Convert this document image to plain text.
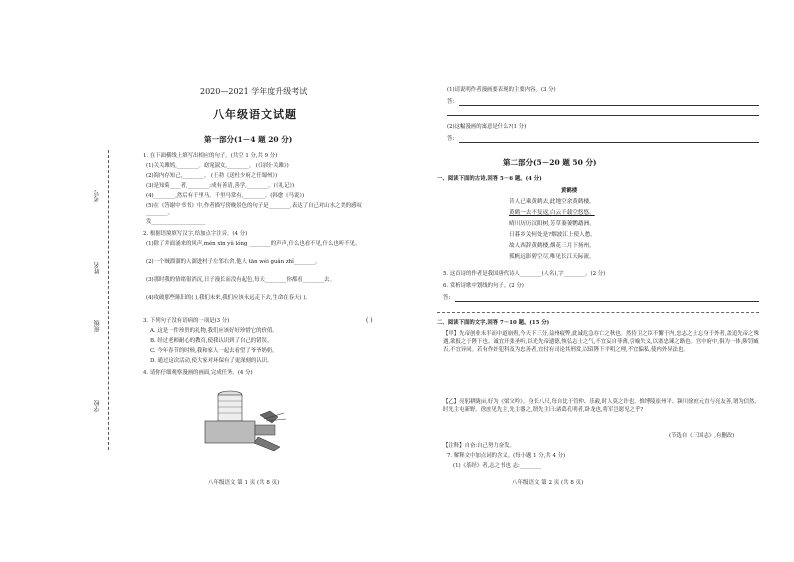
考号
姓名
班级
学校
2020—2021 学年度升级考试
八年级语文试题
第一部分(1－4 题 20 分)
1. 在下面横线上填写出相应的句子。(共空 1 分,共 9 分)
(1)关关雎鸠,________。窈窕淑女,________。 (《诗经·关雎》)
(2)海内存知己,________。 (王勃《送杜少府之任蜀州》)
(3)是知菊____者,________;成有善清,善学,________。(《礼记》)
(4)________,然后有千里马。千里马常有,________。(韩愈《马说》)
(5)在《答谢中书书》中,作者描写傍晚景色的句子是________,表达了自己对山水之美的感叹________。
发____________________
2. 根据语境填写汉字,给加点字注音。(4 分)
(1)除了井面涌来的风声,mén xīn yǔ lóng ________的声声,什么也看不见,什么也听不见。
(2)一个贼溜溜的人溜进村子左邻右舍,他人 tān wéi guǎn zhǐ________。
(3)那时我的情绪很消沉,日子漫长而没有起色,每天________你都看________去。
(4)攻破那些陈旧的( ),我们未来,我们应该永远走下去,生命在春天( )。
3. 下列句子没有语病的一项是(3 分)	( )
A. 这是一件珍贵的礼物,我们应该好好珍惜它的价值。
B. 经过老师耐心的教育,使我认识到了自己的错误。
C. 今年春节的时候,我和家人一起去看望了爷爷奶奶。
D. 通过这次活动,使大家对环保有了更深刻的认识。
4. 请你仔细观察漫画的画面,完成任务。(4 分)
八年级语文 第 1 页 (共 8 页)
(1)请说明作者漫画要表现的主要内容。(3 分)
答:
(2)这幅漫画的寓意是什么?(1 分)
答:
第二部分(5－20 题 50 分)
一、阅读下面的古诗,回答 5－6 题。(4 分)
黄鹤楼
昔人已乘黄鹤去,此地空余黄鹤楼。
黄鹤一去不复返,白云千载空悠悠。
晴川历历汉阳树,芳草萋萋鹦鹉洲。
日暮乡关何处是?烟波江上使人愁。
故人西辞黄鹤楼,烟花三月下扬州。
孤帆远影碧空尽,唯见长江天际流。
5. 这首诗的作者是我国唐代诗人________(人名),字________。(2 分)
6. 赏析诗歌中划线的句子。(2 分)
答:
二、阅读下面的文字,回答 7－10 题。(15 分)
【甲】先帝创业未半而中道崩殂,今天下三分,益州疲弊,此诚危急存亡之秋也。然侍卫之臣不懈于内,忠志之士忘身于外者,盖追先帝之殊遇,欲报之于陛下也。诚宜开张圣听,以光先帝遗德,恢弘志士之气,不宜妄自菲薄,引喻失义,以塞忠谏之路也。宫中府中,俱为一体,陟罚臧否,不宜异同。若有作奸犯科及为忠善者,宜付有司论其刑赏,以昭陛下平明之理,不宜偏私,使内外异法也。
【乙】亮躬耕陇亩,好为《梁父吟》。身长八尺,每自比于管仲、乐毅,时人莫之许也。惟博陵崔州平、颍川徐庶元直与亮友善,谓为信然。时先主屯新野。徐庶见先主,先主器之,谓先主曰:诸葛孔明者,卧龙也,将军岂愿见之乎?
(节选自《三国志》,有删改)
【注释】自奋:自己努力奋发。
7. 解释文中加点词的含义。(每小题 1 分,共 4 分)
(1)《茶经》者,志之书也 志:________
八年级语文 第 2 页 (共 8 页)
